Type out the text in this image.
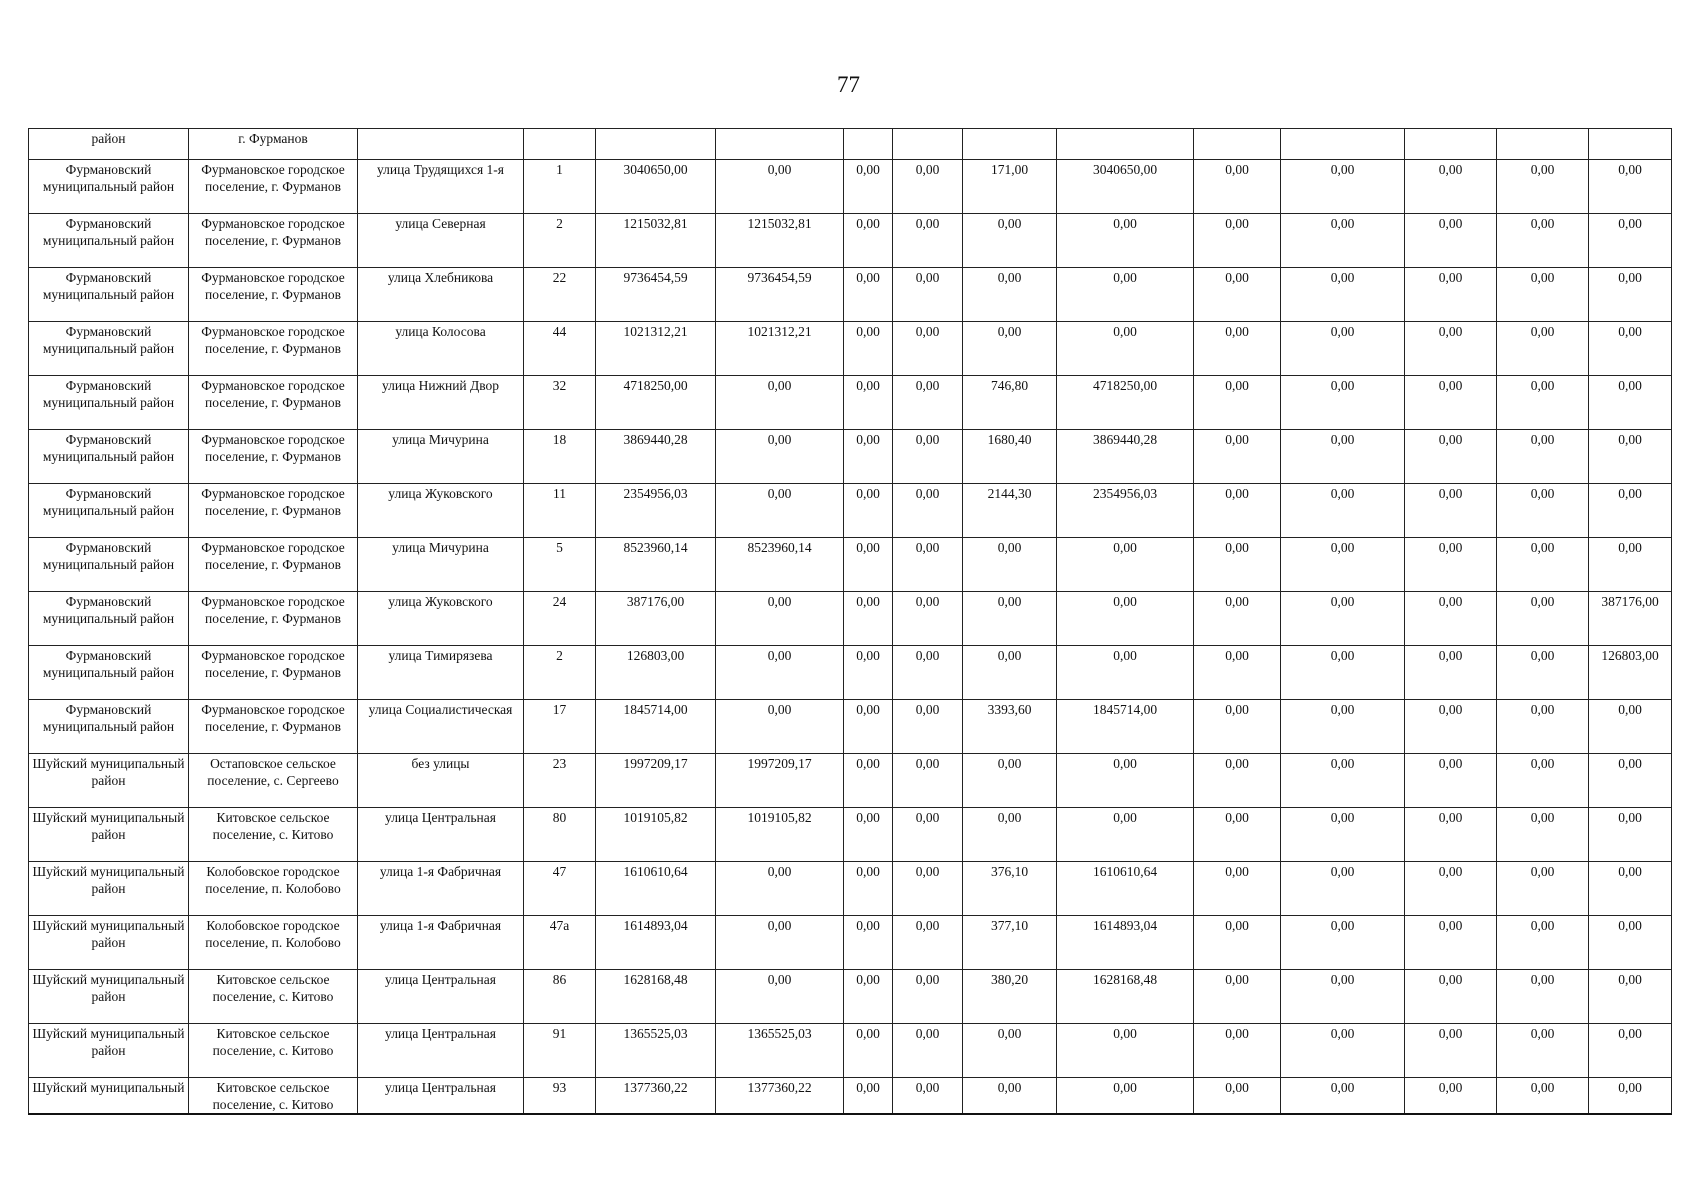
77
район	г. Фурманов													
Фурмановский муниципальный район	Фурмановское городское поселение, г. Фурманов	улица Трудящихся 1-я	1	3040650,00	0,00	0,00	0,00	171,00	3040650,00	0,00	0,00	0,00	0,00	0,00
Фурмановский муниципальный район	Фурмановское городское поселение, г. Фурманов	улица Северная	2	1215032,81	1215032,81	0,00	0,00	0,00	0,00	0,00	0,00	0,00	0,00	0,00
Фурмановский муниципальный район	Фурмановское городское поселение, г. Фурманов	улица Хлебникова	22	9736454,59	9736454,59	0,00	0,00	0,00	0,00	0,00	0,00	0,00	0,00	0,00
Фурмановский муниципальный район	Фурмановское городское поселение, г. Фурманов	улица Колосова	44	1021312,21	1021312,21	0,00	0,00	0,00	0,00	0,00	0,00	0,00	0,00	0,00
Фурмановский муниципальный район	Фурмановское городское поселение, г. Фурманов	улица Нижний Двор	32	4718250,00	0,00	0,00	0,00	746,80	4718250,00	0,00	0,00	0,00	0,00	0,00
Фурмановский муниципальный район	Фурмановское городское поселение, г. Фурманов	улица Мичурина	18	3869440,28	0,00	0,00	0,00	1680,40	3869440,28	0,00	0,00	0,00	0,00	0,00
Фурмановский муниципальный район	Фурмановское городское поселение, г. Фурманов	улица Жуковского	11	2354956,03	0,00	0,00	0,00	2144,30	2354956,03	0,00	0,00	0,00	0,00	0,00
Фурмановский муниципальный район	Фурмановское городское поселение, г. Фурманов	улица Мичурина	5	8523960,14	8523960,14	0,00	0,00	0,00	0,00	0,00	0,00	0,00	0,00	0,00
Фурмановский муниципальный район	Фурмановское городское поселение, г. Фурманов	улица Жуковского	24	387176,00	0,00	0,00	0,00	0,00	0,00	0,00	0,00	0,00	0,00	387176,00
Фурмановский муниципальный район	Фурмановское городское поселение, г. Фурманов	улица Тимирязева	2	126803,00	0,00	0,00	0,00	0,00	0,00	0,00	0,00	0,00	0,00	126803,00
Фурмановский муниципальный район	Фурмановское городское поселение, г. Фурманов	улица Социалистическая	17	1845714,00	0,00	0,00	0,00	3393,60	1845714,00	0,00	0,00	0,00	0,00	0,00
Шуйский муниципальный район	Остаповское сельское поселение, с. Сергеево	без улицы	23	1997209,17	1997209,17	0,00	0,00	0,00	0,00	0,00	0,00	0,00	0,00	0,00
Шуйский муниципальный район	Китовское сельское поселение, с. Китово	улица Центральная	80	1019105,82	1019105,82	0,00	0,00	0,00	0,00	0,00	0,00	0,00	0,00	0,00
Шуйский муниципальный район	Колобовское городское поселение, п. Колобово	улица 1-я Фабричная	47	1610610,64	0,00	0,00	0,00	376,10	1610610,64	0,00	0,00	0,00	0,00	0,00
Шуйский муниципальный район	Колобовское городское поселение, п. Колобово	улица 1-я Фабричная	47а	1614893,04	0,00	0,00	0,00	377,10	1614893,04	0,00	0,00	0,00	0,00	0,00
Шуйский муниципальный район	Китовское сельское поселение, с. Китово	улица Центральная	86	1628168,48	0,00	0,00	0,00	380,20	1628168,48	0,00	0,00	0,00	0,00	0,00
Шуйский муниципальный район	Китовское сельское поселение, с. Китово	улица Центральная	91	1365525,03	1365525,03	0,00	0,00	0,00	0,00	0,00	0,00	0,00	0,00	0,00
Шуйский муниципальный	Китовское сельское поселение, с. Китово	улица Центральная	93	1377360,22	1377360,22	0,00	0,00	0,00	0,00	0,00	0,00	0,00	0,00	0,00
